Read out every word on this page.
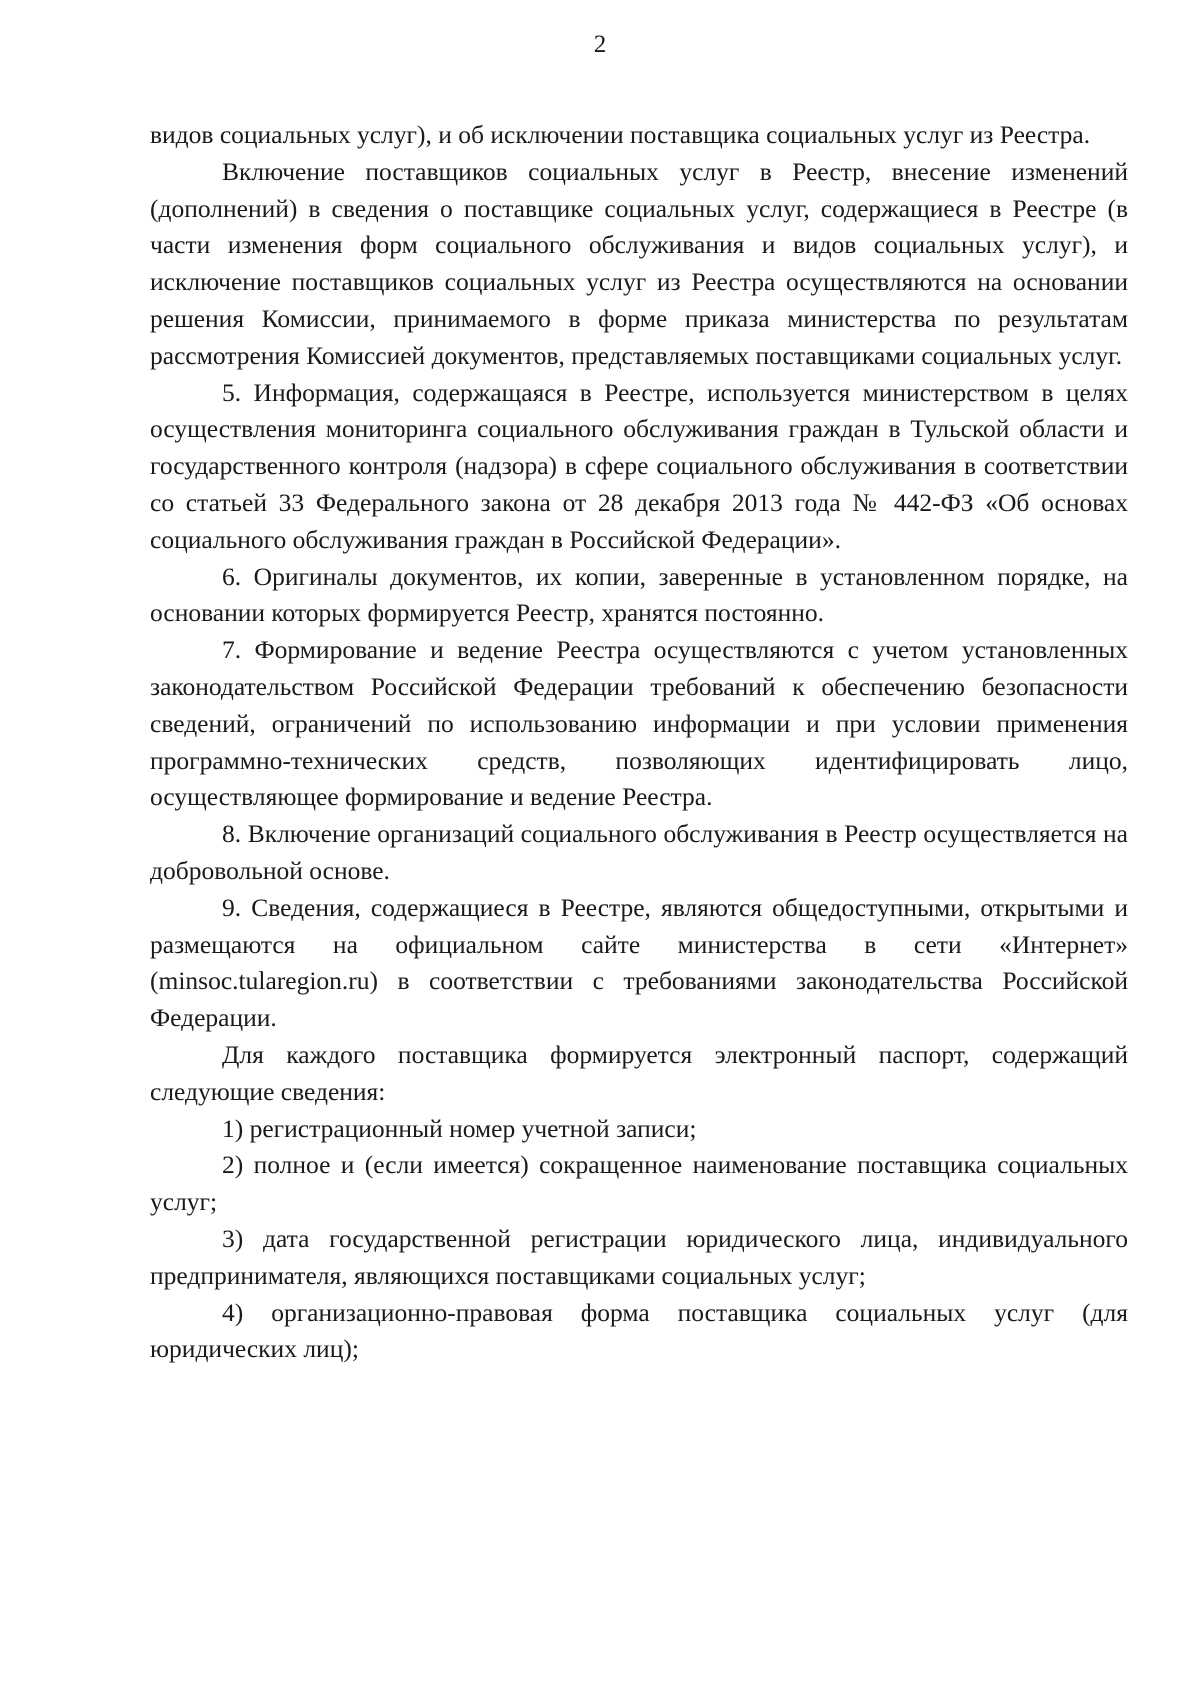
2

видов социальных услуг), и об исключении поставщика социальных услуг из Реестра.

Включение поставщиков социальных услуг в Реестр, внесение изменений (дополнений) в сведения о поставщике социальных услуг, содержащиеся в Реестре (в части изменения форм социального обслуживания и видов социальных услуг), и исключение поставщиков социальных услуг из Реестра осуществляются на основании решения Комиссии, принимаемого в форме приказа министерства по результатам рассмотрения Комиссией документов, представляемых поставщиками социальных услуг.

5. Информация, содержащаяся в Реестре, используется министерством в целях осуществления мониторинга социального обслуживания граждан в Тульской области и государственного контроля (надзора) в сфере социального обслуживания в соответствии со статьей 33 Федерального закона от 28 декабря 2013 года № 442-ФЗ «Об основах социального обслуживания граждан в Российской Федерации».

6. Оригиналы документов, их копии, заверенные в установленном порядке, на основании которых формируется Реестр, хранятся постоянно.

7. Формирование и ведение Реестра осуществляются с учетом установленных законодательством Российской Федерации требований к обеспечению безопасности сведений, ограничений по использованию информации и при условии применения программно-технических средств, позволяющих идентифицировать лицо, осуществляющее формирование и ведение Реестра.

8. Включение организаций социального обслуживания в Реестр осуществляется на добровольной основе.

9. Сведения, содержащиеся в Реестре, являются общедоступными, открытыми и размещаются на официальном сайте министерства в сети «Интернет» (minsoc.tularegion.ru) в соответствии с требованиями законодательства Российской Федерации.

Для каждого поставщика формируется электронный паспорт, содержащий следующие сведения:

1) регистрационный номер учетной записи;

2) полное и (если имеется) сокращенное наименование поставщика социальных услуг;

3) дата государственной регистрации юридического лица, индивидуального предпринимателя, являющихся поставщиками социальных услуг;

4) организационно-правовая форма поставщика социальных услуг (для юридических лиц);
